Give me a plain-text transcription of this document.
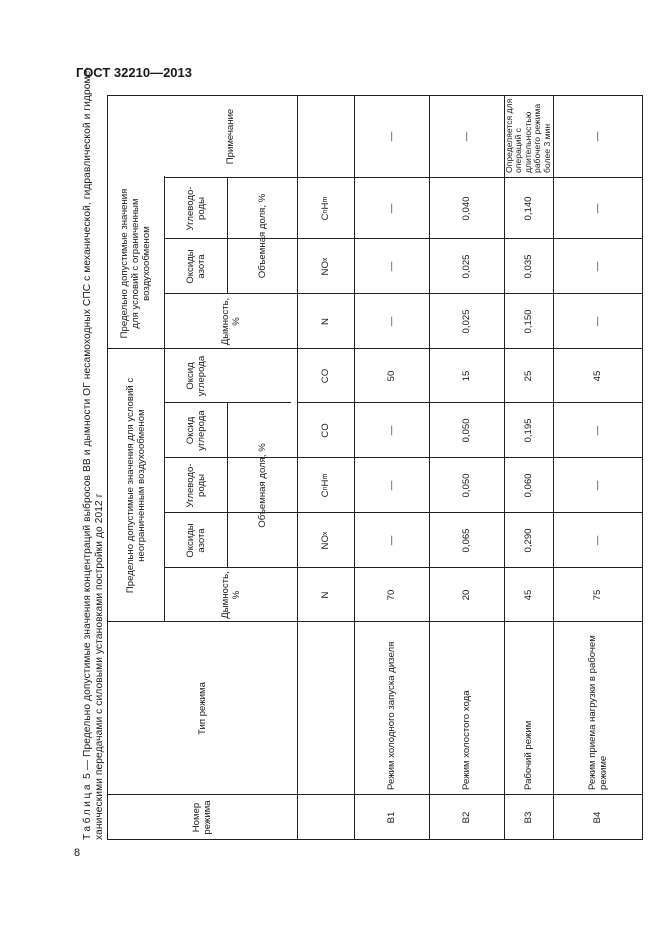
ГОСТ 32210—2013
8
Таблица 5 — Предельно допустимые значения концентраций выбросов ВВ и дымности ОГ несамоходных СПС с механической, гидравлической и гидроме- ханическими передачами с силовыми установками постройки до 2012 г	Номер режима
Тип режима
Предельно допустимые значения для условий с неограниченным воздухообменом
Предельно допустимые значения для условий с ограниченным воздухообменом
Примечание
Дымность, %
Оксиды азота
Углеводо-роды
Оксид углерода
Объемная доля, %
Дымность, %
Оксиды азота
Углеводо-роды
Оксид углерода
Объемная доля, %
N
NO
x
C
n
H
m
CO
CO
N
NO
x
C
n
H
m
В1
Режим холодного запуска дизеля
70
—
—
—
50
—
—
—
—
В2
Режим холостого хода
20
0,065
0,050
0,050
15
0,025
0,025
0,040
—
В3
Рабочий режим
45
0,290
0,060
0,195
25
0,150
0,035
0,140
Определяется для операций с длительностью рабочего режима более 3 мин
В4
Режим приема нагрузки в рабочем режиме
75
—
—
—
45
—
—
—
—
